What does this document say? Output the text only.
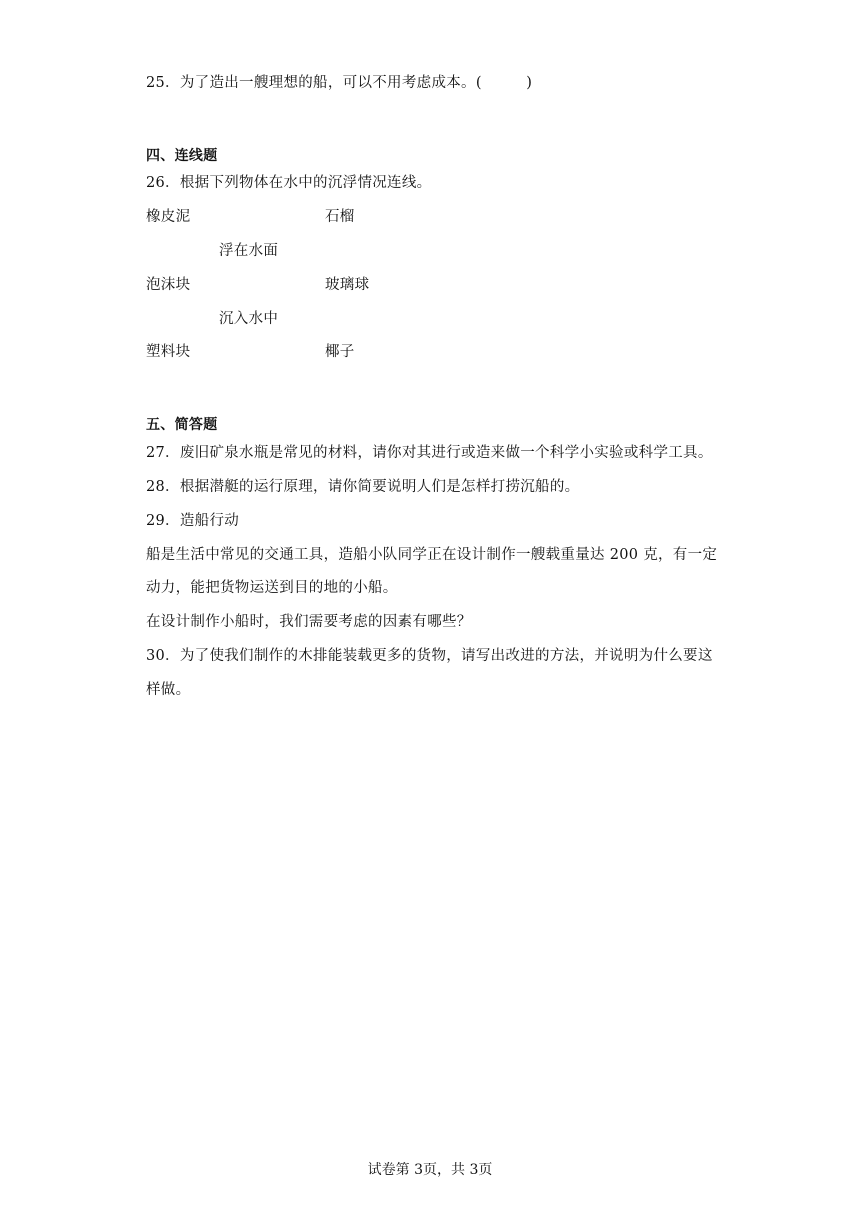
25．为了造出一艘理想的船，可以不用考虑成本。(　　　)
四、连线题
26．根据下列物体在水中的沉浮情况连线。
橡皮泥	石榴
浮在水面
泡沫块	玻璃球
沉入水中
塑料块	椰子
五、简答题
27．废旧矿泉水瓶是常见的材料，请你对其进行或造来做一个科学小实验或科学工具。
28．根据潜艇的运行原理，请你简要说明人们是怎样打捞沉船的。
29．造船行动
船是生活中常见的交通工具，造船小队同学正在设计制作一艘载重量达 200 克，有一定
动力，能把货物运送到目的地的小船。
在设计制作小船时，我们需要考虑的因素有哪些？
30．为了使我们制作的木排能装载更多的货物，请写出改进的方法，并说明为什么要这
样做。
试卷第 3页，共 3页
